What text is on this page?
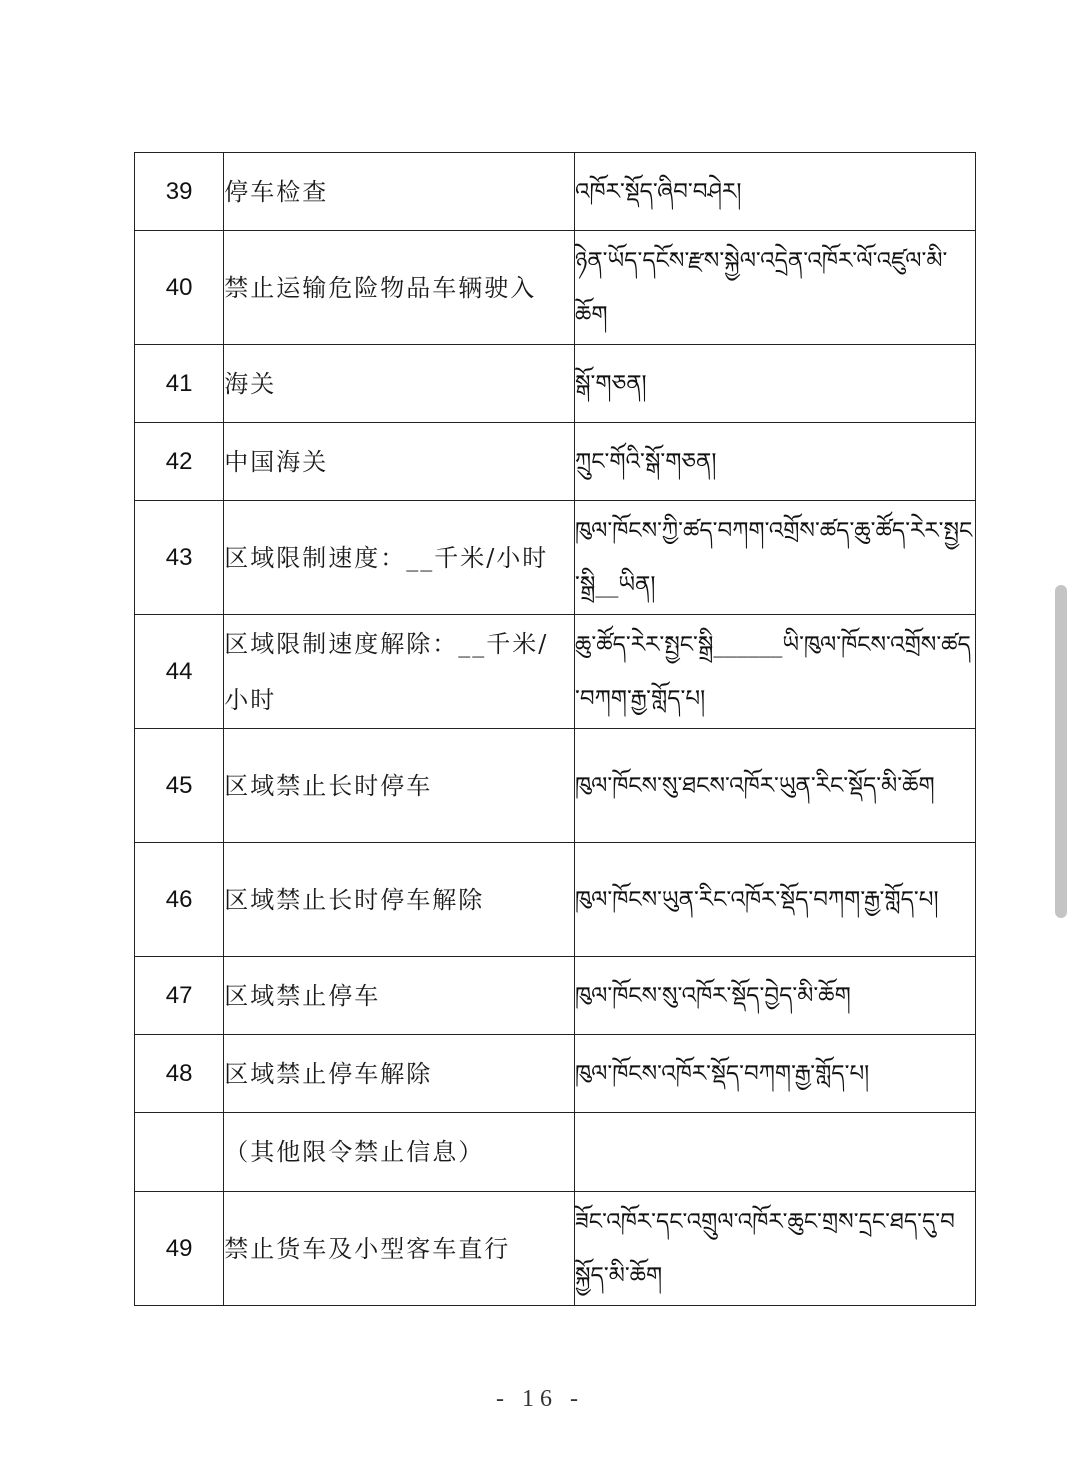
39	停车检查	འཁོར་སྡོད་ཞིབ་བཤེར།
40	禁止运输危险物品车辆驶入	ཉེན་ཡོད་དངོས་རྫས་སྐྱེལ་འདྲེན་འཁོར་ལོ་འཛུལ་མི་ཆོག
41	海关	སྒོ་གཅན།
42	中国海关	ཀྲུང་གོའི་སྒོ་གཅན།
43	区域限制速度：__千米/小时	ཁུལ་ཁོངས་ཀྱི་ཚད་བཀག་འགྲོས་ཚད་ཆུ་ཚོད་རེར་སྤྱང་སྒྲི__ཡིན།
44	区域限制速度解除：__千米/小时	ཆུ་ཚོད་རེར་སྤྱང་སྒྲི______ཡི་ཁུལ་ཁོངས་འགྲོས་ཚད་བཀག་རྒྱ་གློད་པ།
45	区域禁止长时停车	ཁུལ་ཁོངས་སུ་ཐངས་འཁོར་ཡུན་རིང་སྡོད་མི་ཆོག
46	区域禁止长时停车解除	ཁུལ་ཁོངས་ཡུན་རིང་འཁོར་སྡོད་བཀག་རྒྱ་གློད་པ།
47	区域禁止停车	ཁུལ་ཁོངས་སུ་འཁོར་སྡོད་བྱེད་མི་ཆོག
48	区域禁止停车解除	ཁུལ་ཁོངས་འཁོར་སྡོད་བཀག་རྒྱ་གློད་པ།
	（其他限令禁止信息）	
49	禁止货车及小型客车直行	ཟོང་འཁོར་དང་འགྲུལ་འཁོར་ཆུང་གྲས་དྲང་ཐད་དུ་བསྐྱོད་མི་ཆོག
- 16 -
